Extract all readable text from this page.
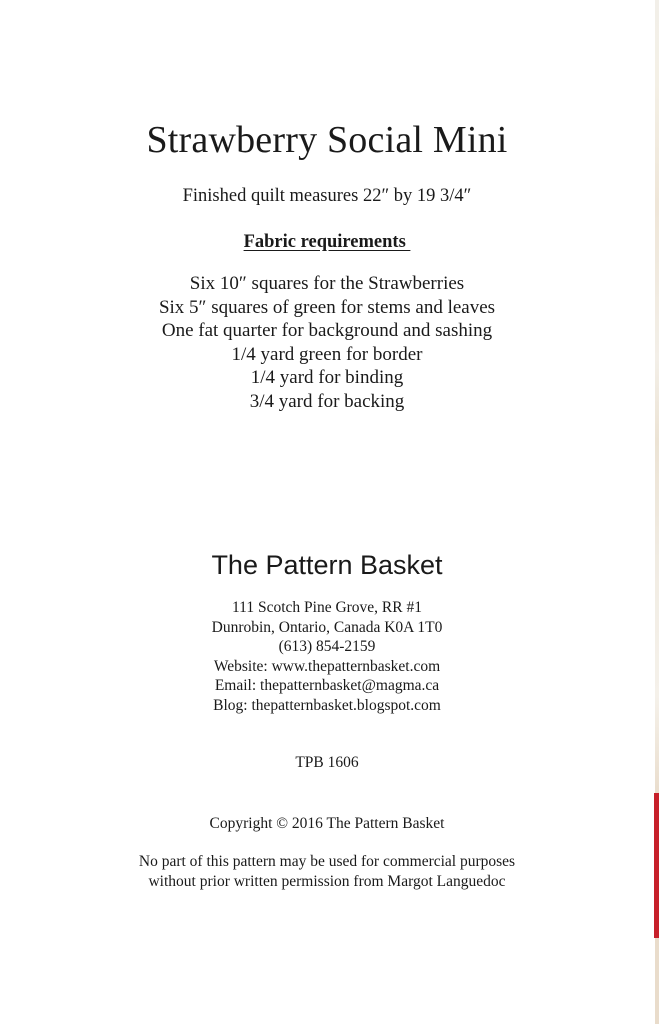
Strawberry Social Mini
Finished quilt measures 22″ by 19 3/4″
Fabric requirements
Six 10″ squares for the Strawberries
Six 5″ squares of green for stems and leaves
One fat quarter for background and sashing
1/4 yard green for border
1/4 yard for binding
3/4 yard for backing
The Pattern Basket
111 Scotch Pine Grove, RR #1
Dunrobin, Ontario, Canada K0A 1T0
(613) 854-2159
Website: www.thepatternbasket.com
Email: thepatternbasket@magma.ca
Blog: thepatternbasket.blogspot.com
TPB 1606
Copyright © 2016 The Pattern Basket
No part of this pattern may be used for commercial purposes
without prior written permission from Margot Languedoc
